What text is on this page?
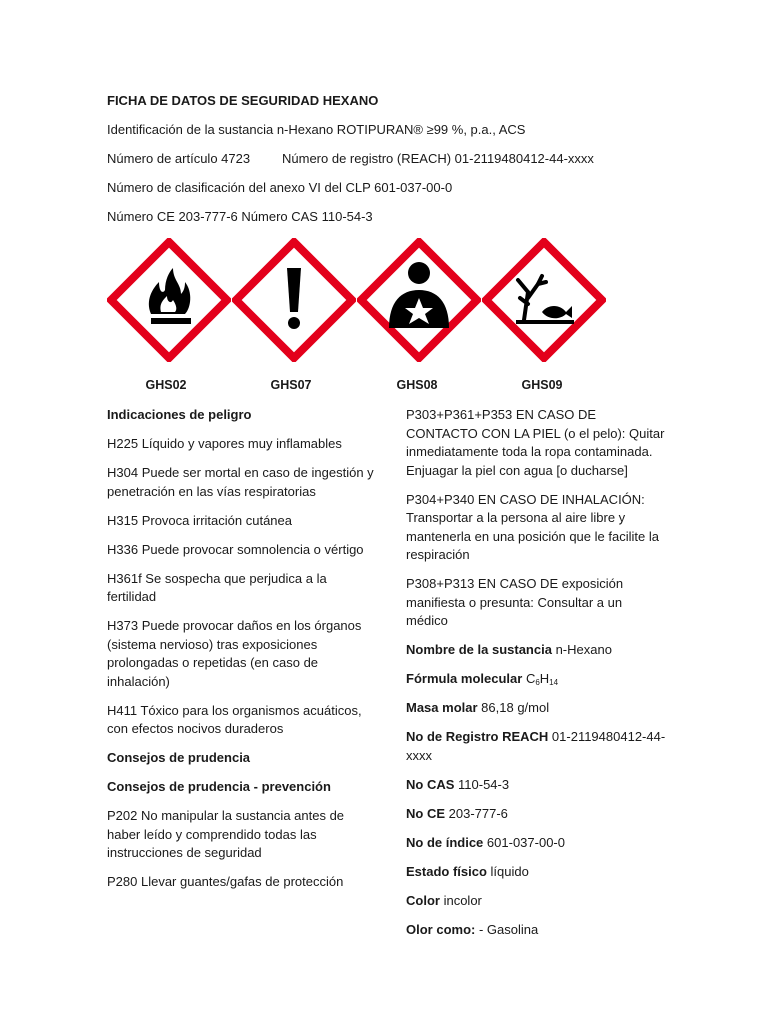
FICHA DE DATOS DE SEGURIDAD HEXANO
Identificación de la sustancia n-Hexano ROTIPURAN® ≥99 %, p.a., ACS
Número de artículo 4723 Número de registro (REACH) 01-2119480412-44-xxxx
Número de clasificación del anexo VI del CLP 601-037-00-0
Número CE 203-777-6 Número CAS 110-54-3
GHS02	GHS07	GHS08	GHS09

Indicaciones de peligro

H225 Líquido y vapores muy inflamables

H304 Puede ser mortal en caso de ingestión y penetración en las vías respiratorias

H315 Provoca irritación cutánea

H336 Puede provocar somnolencia o vértigo

H361f Se sospecha que perjudica a la fertilidad

H373 Puede provocar daños en los órganos (sistema nervioso) tras exposiciones prolongadas o repetidas (en caso de inhalación)

H411 Tóxico para los organismos acuáticos, con efectos nocivos duraderos

Consejos de prudencia

Consejos de prudencia - prevención

P202 No manipular la sustancia antes de haber leído y comprendido todas las instrucciones de seguridad

P280 Llevar guantes/gafas de protección

P303+P361+P353 EN CASO DE CONTACTO CON LA PIEL (o el pelo): Quitar inmediatamente toda la ropa contaminada. Enjuagar la piel con agua [o ducharse]

P304+P340 EN CASO DE INHALACIÓN: Transportar a la persona al aire libre y mantenerla en una posición que le facilite la respiración

P308+P313 EN CASO DE exposición manifiesta o presunta: Consultar a un médico

Nombre de la sustancia n-Hexano

Fórmula molecular $C_6H_{14}$

Masa molar 86,18 g/mol

No de Registro REACH 01-2119480412-44-xxxx

No CAS 110-54-3

No CE 203-777-6

No de índice 601-037-00-0

Estado físico líquido

Color incolor

Olor como: - Gasolina
